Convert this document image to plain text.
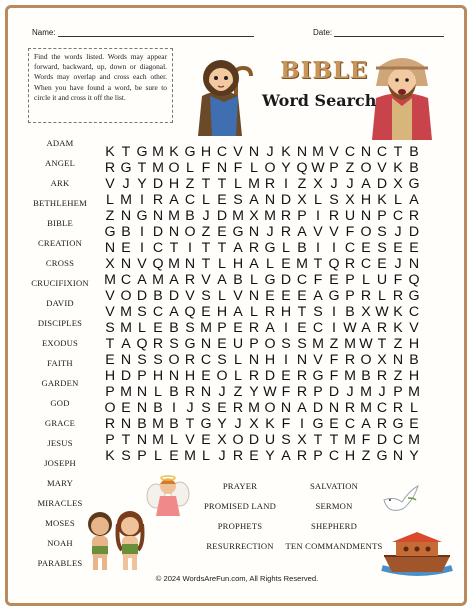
Name:	Date:
Find the words listed. Words may appear forward, backward, up, down or diagonal. Words may overlap and cross each other. When you have found a word, be sure to circle it and cross it off the list.
BIBLE
Word Search
ADAM
ANGEL
ARK
BETHLEHEM
BIBLE
CREATION
CROSS
CRUCIFIXION
DAVID
DISCIPLES
EXODUS
FAITH
GARDEN
GOD
GRACE
JESUS
JOSEPH
MARY
MIRACLES
MOSES
NOAH
PARABLES
K T G M K G H C V N J K N M V C N C T B
R G T M O L F N F L O Y Q W P Z O V K B
V J Y D H Z T T L M R I Z X J J A D X G
L M I R A C L E S A N D X L S X H K L A
Z N G N M B J D M X M R P I R U N P C R
G B I D N O Z E G N J R A V V F O S J D
N E I C T I T T A R G L B I I C E S E E
X N V Q M N T L H A L E M T Q R C E J N
M C A M A R V A B L G D C F E P L U F Q
V O D B D V S L V N E E E A G P R L R G
V M S C A Q E H A L R H T S I B X W K C
S M L E B S M P E R A I E C I W A R K V
T A Q R S G N E U P O S S M Z M W T Z H
E N S S O R C S L N H I N V F R O X N B
H D P H N H E O L R D E R G F M B R Z H
P M N L B R N J Z Y W F R P D J M J P M
O E N B I J S E R M O N A D N R M C R L
R N B M B T G Y J X K F I G E C A R G E
P T N M L V E X O D U S X T T M F D C M
K S P L E M L J R E Y A R P C H Z G N Y
PRAYER
PROMISED LAND
PROPHETS
RESURRECTION
SALVATION
SERMON
SHEPHERD
TEN COMMANDMENTS
© 2024 WordsAreFun.com, All Rights Reserved.
